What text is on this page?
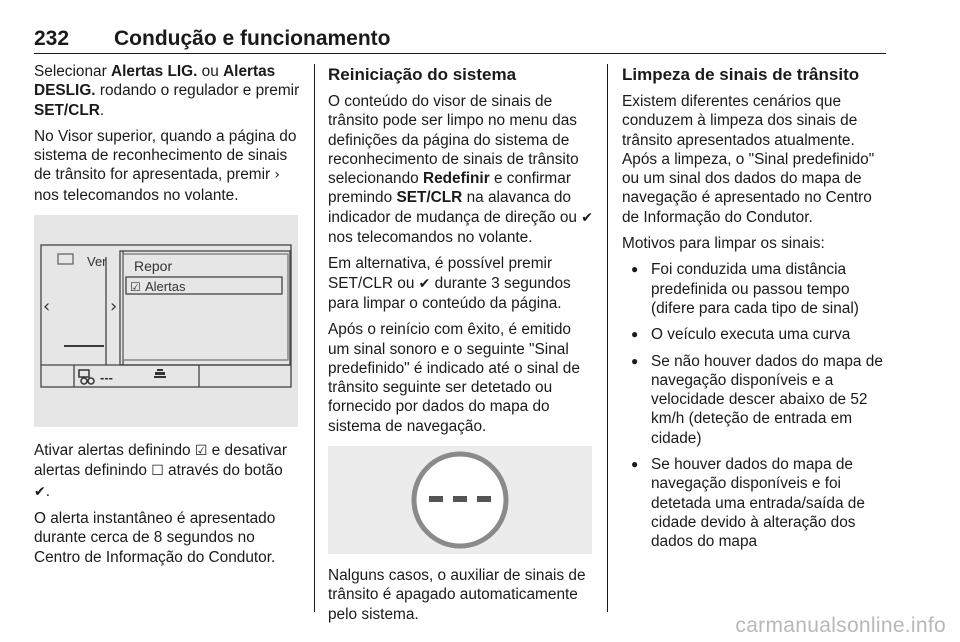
232 Condução e funcionamento

Selecionar Alertas LIG. ou Alertas DESLIG. rodando o regulador e premir SET/CLR.

No Visor superior, quando a página do sistema de reconhecimento de sinais de trânsito for apresentada, premir › nos telecomandos no volante.

Ver Repor
☑ Alertas
‹	›
---

Ativar alertas definindo ☑ e desativar alertas definindo ☐ através do botão ✔.

O alerta instantâneo é apresentado durante cerca de 8 segundos no Centro de Informação do Condutor.

Reiniciação do sistema

O conteúdo do visor de sinais de trânsito pode ser limpo no menu das definições da página do sistema de reconhecimento de sinais de trânsito selecionando Redefinir e confirmar premindo SET/CLR na alavanca do indicador de mudança de direção ou ✔ nos telecomandos no volante.

Em alternativa, é possível premir SET/CLR ou ✔ durante 3 segundos para limpar o conteúdo da página.

Após o reinício com êxito, é emitido um sinal sonoro e o seguinte "Sinal predefinido" é indicado até o sinal de trânsito seguinte ser detetado ou fornecido por dados do mapa do sistema de navegação.

Nalguns casos, o auxiliar de sinais de trânsito é apagado automaticamente pelo sistema.

Limpeza de sinais de trânsito

Existem diferentes cenários que conduzem à limpeza dos sinais de trânsito apresentados atualmente. Após a limpeza, o "Sinal predefinido" ou um sinal dos dados do mapa de navegação é apresentado no Centro de Informação do Condutor.

Motivos para limpar os sinais:

● Foi conduzida uma distância predefinida ou passou tempo (difere para cada tipo de sinal)
● O veículo executa uma curva
● Se não houver dados do mapa de navegação disponíveis e a velocidade descer abaixo de 52 km/h (deteção de entrada em cidade)
● Se houver dados do mapa de navegação disponíveis e foi detetada uma entrada/saída de cidade devido à alteração dos dados do mapa
carmanualsonline.info
